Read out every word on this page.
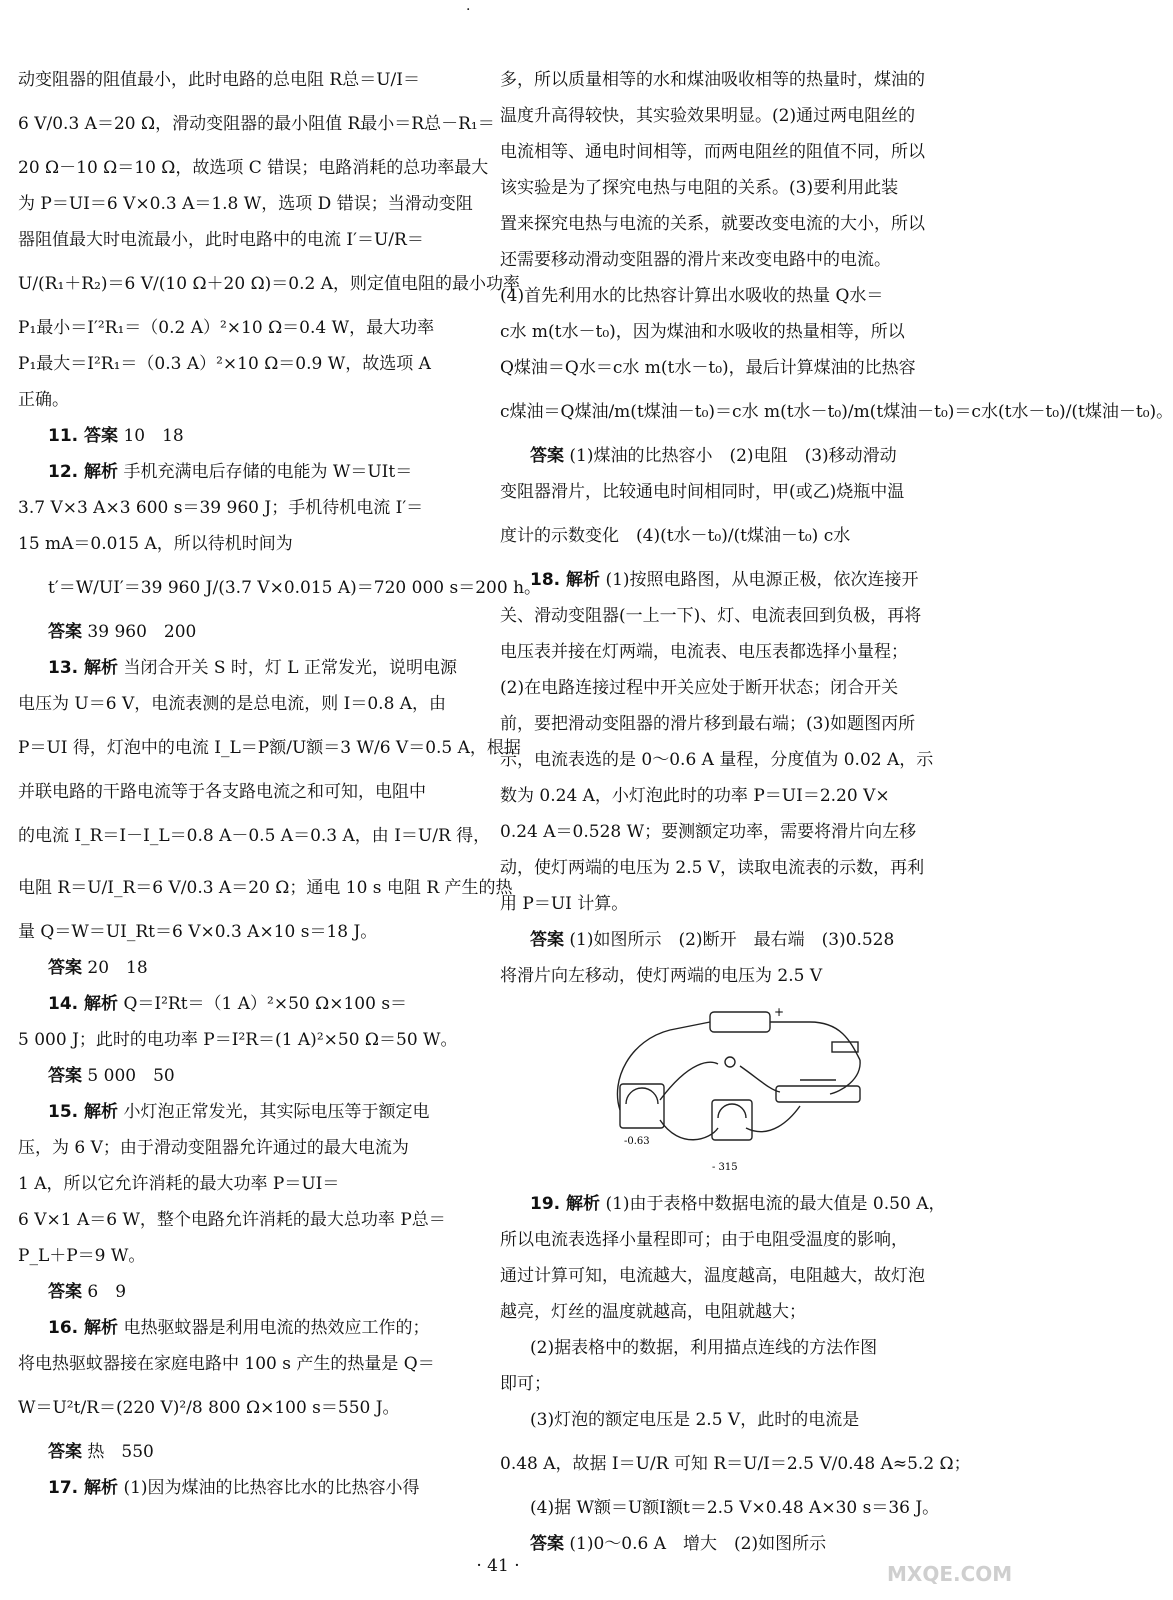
·
动变阻器的阻值最小，此时电路的总电阻 R总＝U/I＝
6 V/0.3 A＝20 Ω，滑动变阻器的最小阻值 R最小＝R总－R₁＝
20 Ω－10 Ω＝10 Ω，故选项 C 错误；电路消耗的总功率最大
为 P＝UI＝6 V×0.3 A＝1.8 W，选项 D 错误；当滑动变阻
器阻值最大时电流最小，此时电路中的电流 I′＝U/R＝
U/(R₁＋R₂)＝6 V/(10 Ω＋20 Ω)＝0.2 A，则定值电阻的最小功率
P₁最小＝I′²R₁＝（0.2 A）²×10 Ω＝0.4 W，最大功率
P₁最大＝I²R₁＝（0.3 A）²×10 Ω＝0.9 W，故选项 A
正确。
11. 答案 10　18
12. 解析 手机充满电后存储的电能为 W＝UIt＝
3.7 V×3 A×3 600 s＝39 960 J；手机待机电流 I′＝
15 mA＝0.015 A，所以待机时间为
t′＝W/UI′＝39 960 J/(3.7 V×0.015 A)＝720 000 s＝200 h。
答案 39 960　200
13. 解析 当闭合开关 S 时，灯 L 正常发光，说明电源
电压为 U＝6 V，电流表测的是总电流，则 I＝0.8 A，由
P＝UI 得，灯泡中的电流 I_L＝P额/U额＝3 W/6 V＝0.5 A，根据
并联电路的干路电流等于各支路电流之和可知，电阻中
的电流 I_R＝I－I_L＝0.8 A－0.5 A＝0.3 A，由 I＝U/R 得，
电阻 R＝U/I_R＝6 V/0.3 A＝20 Ω；通电 10 s 电阻 R 产生的热
量 Q＝W＝UI_Rt＝6 V×0.3 A×10 s＝18 J。
答案 20　18
14. 解析 Q＝I²Rt＝（1 A）²×50 Ω×100 s＝
5 000 J；此时的电功率 P＝I²R＝(1 A)²×50 Ω＝50 W。
答案 5 000　50
15. 解析 小灯泡正常发光，其实际电压等于额定电
压，为 6 V；由于滑动变阻器允许通过的最大电流为
1 A，所以它允许消耗的最大功率 P＝UI＝
6 V×1 A＝6 W，整个电路允许消耗的最大总功率 P总＝
P_L＋P＝9 W。
答案 6　9
16. 解析 电热驱蚊器是利用电流的热效应工作的；
将电热驱蚊器接在家庭电路中 100 s 产生的热量是 Q＝
W＝U²t/R＝(220 V)²/8 800 Ω×100 s＝550 J。
答案 热　550
17. 解析 (1)因为煤油的比热容比水的比热容小得
多，所以质量相等的水和煤油吸收相等的热量时，煤油的
温度升高得较快，其实验效果明显。(2)通过两电阻丝的
电流相等、通电时间相等，而两电阻丝的阻值不同，所以
该实验是为了探究电热与电阻的关系。(3)要利用此装
置来探究电热与电流的关系，就要改变电流的大小，所以
还需要移动滑动变阻器的滑片来改变电路中的电流。
(4)首先利用水的比热容计算出水吸收的热量 Q水＝
c水 m(t水－t₀)，因为煤油和水吸收的热量相等，所以
Q煤油＝Q水＝c水 m(t水－t₀)，最后计算煤油的比热容
c煤油＝Q煤油/m(t煤油－t₀)＝c水 m(t水－t₀)/m(t煤油－t₀)＝c水(t水－t₀)/(t煤油－t₀)。
答案 (1)煤油的比热容小　(2)电阻　(3)移动滑动
变阻器滑片，比较通电时间相同时，甲(或乙)烧瓶中温
度计的示数变化　(4)(t水－t₀)/(t煤油－t₀) c水
18. 解析 (1)按照电路图，从电源正极，依次连接开
关、滑动变阻器(一上一下)、灯、电流表回到负极，再将
电压表并接在灯两端，电流表、电压表都选择小量程；
(2)在电路连接过程中开关应处于断开状态；闭合开关
前，要把滑动变阻器的滑片移到最右端；(3)如题图丙所
示，电流表选的是 0～0.6 A 量程，分度值为 0.02 A，示
数为 0.24 A，小灯泡此时的功率 P＝UI＝2.20 V×
0.24 A＝0.528 W；要测额定功率，需要将滑片向左移
动，使灯两端的电压为 2.5 V，读取电流表的示数，再利
用 P＝UI 计算。
答案 (1)如图所示　(2)断开　最右端　(3)0.528
将滑片向左移动，使灯两端的电压为 2.5 V
-0.63
- 315
+
19. 解析 (1)由于表格中数据电流的最大值是 0.50 A，
所以电流表选择小量程即可；由于电阻受温度的影响，
通过计算可知，电流越大，温度越高，电阻越大，故灯泡
越亮，灯丝的温度就越高，电阻就越大；
(2)据表格中的数据，利用描点连线的方法作图
即可；
(3)灯泡的额定电压是 2.5 V，此时的电流是
0.48 A，故据 I＝U/R 可知 R＝U/I＝2.5 V/0.48 A≈5.2 Ω；
(4)据 W额＝U额I额t＝2.5 V×0.48 A×30 s＝36 J。
答案 (1)0～0.6 A　增大　(2)如图所示
· 41 ·	MXQE.COM
